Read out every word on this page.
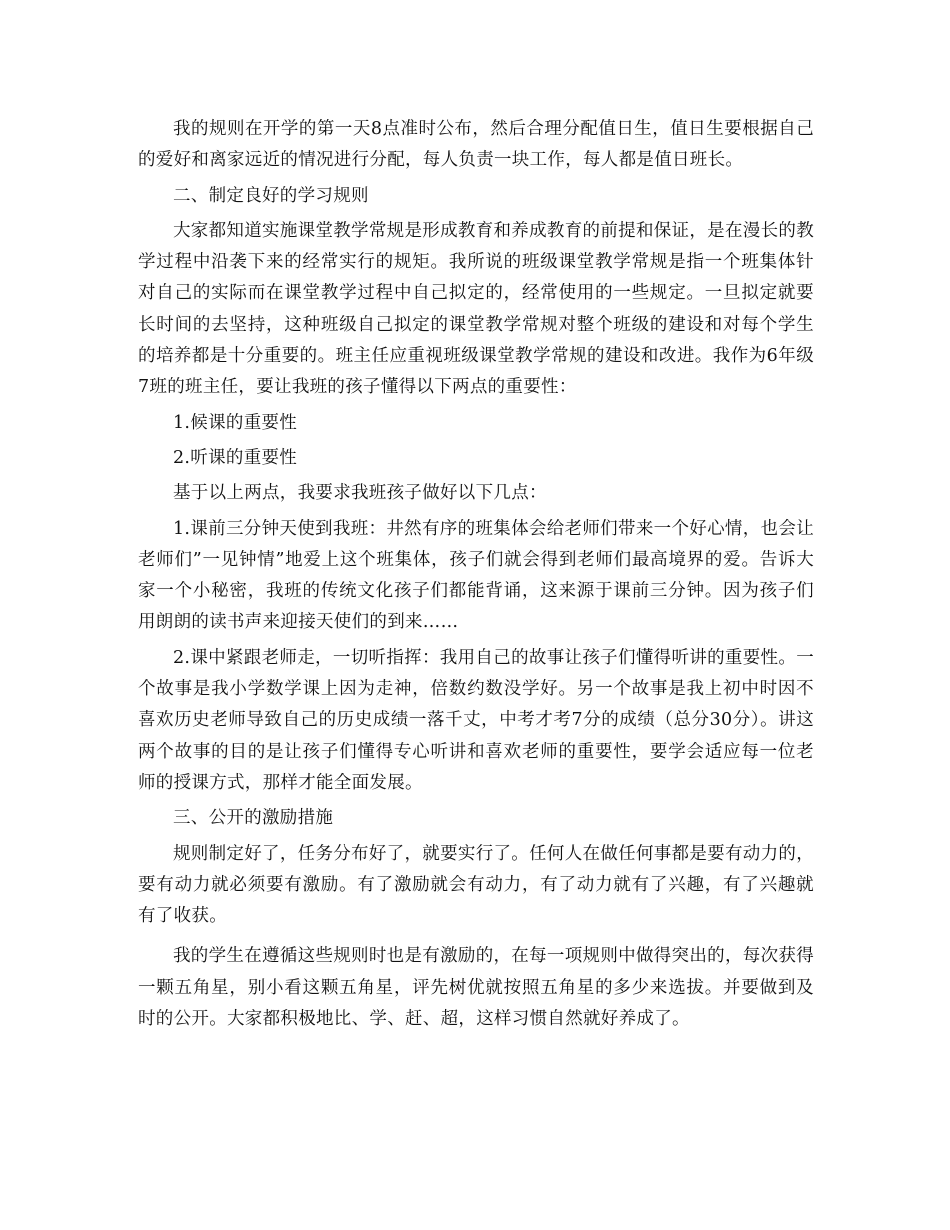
我的规则在开学的第一天8点准时公布，然后合理分配值日生，值日生要根据自己的爱好和离家远近的情况进行分配，每人负责一块工作，每人都是值日班长。

二、制定良好的学习规则

大家都知道实施课堂教学常规是形成教育和养成教育的前提和保证，是在漫长的教学过程中沿袭下来的经常实行的规矩。我所说的班级课堂教学常规是指一个班集体针对自己的实际而在课堂教学过程中自己拟定的，经常使用的一些规定。一旦拟定就要长时间的去坚持，这种班级自己拟定的课堂教学常规对整个班级的建设和对每个学生的培养都是十分重要的。班主任应重视班级课堂教学常规的建设和改进。我作为6年级7班的班主任，要让我班的孩子懂得以下两点的重要性：

1.候课的重要性

2.听课的重要性

基于以上两点，我要求我班孩子做好以下几点：

1.课前三分钟天使到我班：井然有序的班集体会给老师们带来一个好心情，也会让老师们”一见钟情”地爱上这个班集体，孩子们就会得到老师们最高境界的爱。告诉大家一个小秘密，我班的传统文化孩子们都能背诵，这来源于课前三分钟。因为孩子们用朗朗的读书声来迎接天使们的到来……

2.课中紧跟老师走，一切听指挥：我用自己的故事让孩子们懂得听讲的重要性。一个故事是我小学数学课上因为走神，倍数约数没学好。另一个故事是我上初中时因不喜欢历史老师导致自己的历史成绩一落千丈，中考才考7分的成绩（总分30分）。讲这两个故事的目的是让孩子们懂得专心听讲和喜欢老师的重要性，要学会适应每一位老师的授课方式，那样才能全面发展。

三、公开的激励措施

规则制定好了，任务分布好了，就要实行了。任何人在做任何事都是要有动力的，要有动力就必须要有激励。有了激励就会有动力，有了动力就有了兴趣，有了兴趣就有了收获。

我的学生在遵循这些规则时也是有激励的，在每一项规则中做得突出的，每次获得一颗五角星，别小看这颗五角星，评先树优就按照五角星的多少来选拔。并要做到及时的公开。大家都积极地比、学、赶、超，这样习惯自然就好养成了。
